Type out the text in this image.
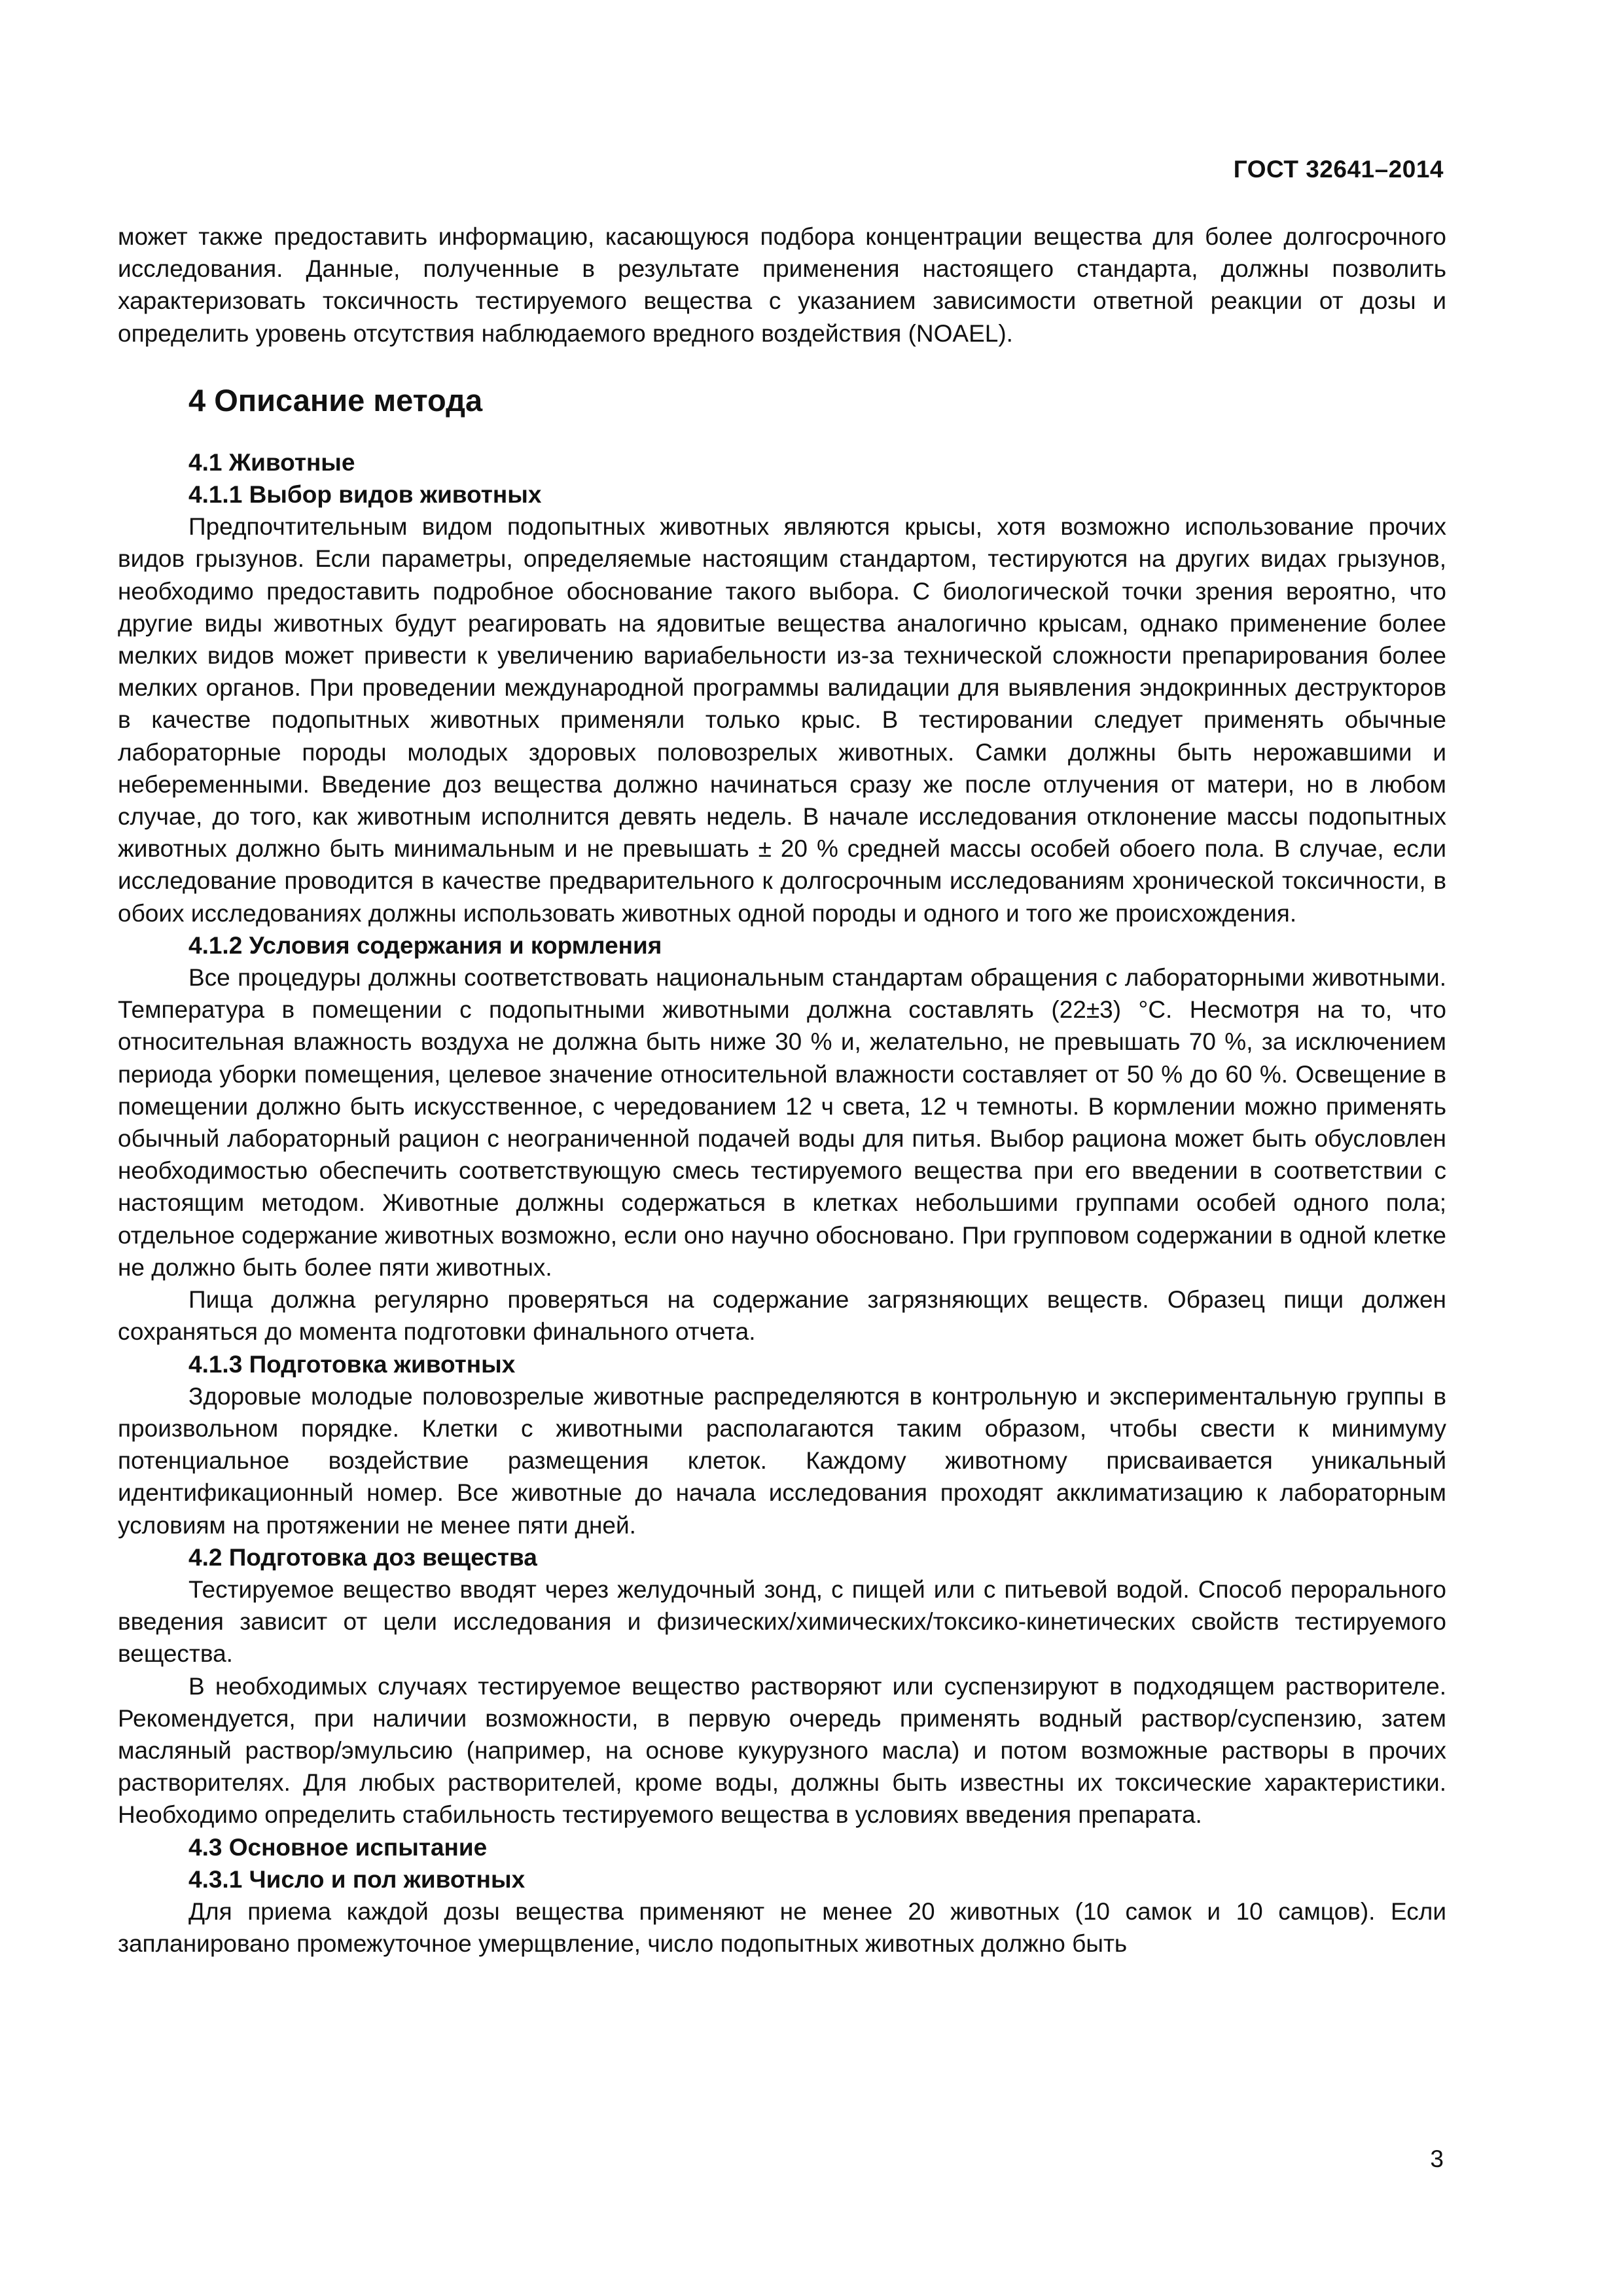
ГОСТ 32641–2014

может также предоставить информацию, касающуюся подбора концентрации вещества для более долгосрочного исследования. Данные, полученные в результате применения настоящего стандарта, должны позволить характеризовать токсичность тестируемого вещества с указанием зависимости ответной реакции от дозы и определить уровень отсутствия наблюдаемого вредного воздействия (NOAEL).

4 Описание метода
4.1 Животные
4.1.1 Выбор видов животных

Предпочтительным видом подопытных животных являются крысы, хотя возможно использование прочих видов грызунов. Если параметры, определяемые настоящим стандартом, тестируются на других видах грызунов, необходимо предоставить подробное обоснование такого выбора. С биологической точки зрения вероятно, что другие виды животных будут реагировать на ядовитые вещества аналогично крысам, однако применение более мелких видов может привести к увеличению вариабельности из-за технической сложности препарирования более мелких органов. При проведении международной программы валидации для выявления эндокринных деструкторов в качестве подопытных животных применяли только крыс. В тестировании следует применять обычные лабораторные породы молодых здоровых половозрелых животных. Самки должны быть нерожавшими и небеременными. Введение доз вещества должно начинаться сразу же после отлучения от матери, но в любом случае, до того, как животным исполнится девять недель. В начале исследования отклонение массы подопытных животных должно быть минимальным и не превышать ± 20 % средней массы особей обоего пола. В случае, если исследование проводится в качестве предварительного к долгосрочным исследованиям хронической токсичности, в обоих исследованиях должны использовать животных одной породы и одного и того же происхождения.

4.1.2 Условия содержания и кормления

Все процедуры должны соответствовать национальным стандартам обращения с лабораторными животными. Температура в помещении с подопытными животными должна составлять (22±3) °С. Несмотря на то, что относительная влажность воздуха не должна быть ниже 30 % и, желательно, не превышать 70 %, за исключением периода уборки помещения, целевое значение относительной влажности составляет от 50 % до 60 %. Освещение в помещении должно быть искусственное, с чередованием 12 ч света, 12 ч темноты. В кормлении можно применять обычный лабораторный рацион с неограниченной подачей воды для питья. Выбор рациона может быть обусловлен необходимостью обеспечить соответствующую смесь тестируемого вещества при его введении в соответствии с настоящим методом. Животные должны содержаться в клетках небольшими группами особей одного пола; отдельное содержание животных возможно, если оно научно обосновано. При групповом содержании в одной клетке не должно быть более пяти животных.

Пища должна регулярно проверяться на содержание загрязняющих веществ. Образец пищи должен сохраняться до момента подготовки финального отчета.

4.1.3 Подготовка животных

Здоровые молодые половозрелые животные распределяются в контрольную и экспериментальную группы в произвольном порядке. Клетки с животными располагаются таким образом, чтобы свести к минимуму потенциальное воздействие размещения клеток. Каждому животному присваивается уникальный идентификационный номер. Все животные до начала исследования проходят акклиматизацию к лабораторным условиям на протяжении не менее пяти дней.

4.2 Подготовка доз вещества

Тестируемое вещество вводят через желудочный зонд, с пищей или с питьевой водой. Способ перорального введения зависит от цели исследования и физических/химических/токсико-кинетических свойств тестируемого вещества.

В необходимых случаях тестируемое вещество растворяют или суспензируют в подходящем растворителе. Рекомендуется, при наличии возможности, в первую очередь применять водный раствор/суспензию, затем масляный раствор/эмульсию (например, на основе кукурузного масла) и потом возможные растворы в прочих растворителях. Для любых растворителей, кроме воды, должны быть известны их токсические характеристики. Необходимо определить стабильность тестируемого вещества в условиях введения препарата.

4.3 Основное испытание
4.3.1 Число и пол животных

Для приема каждой дозы вещества применяют не менее 20 животных (10 самок и 10 самцов). Если запланировано промежуточное умерщвление, число подопытных животных должно быть

3
